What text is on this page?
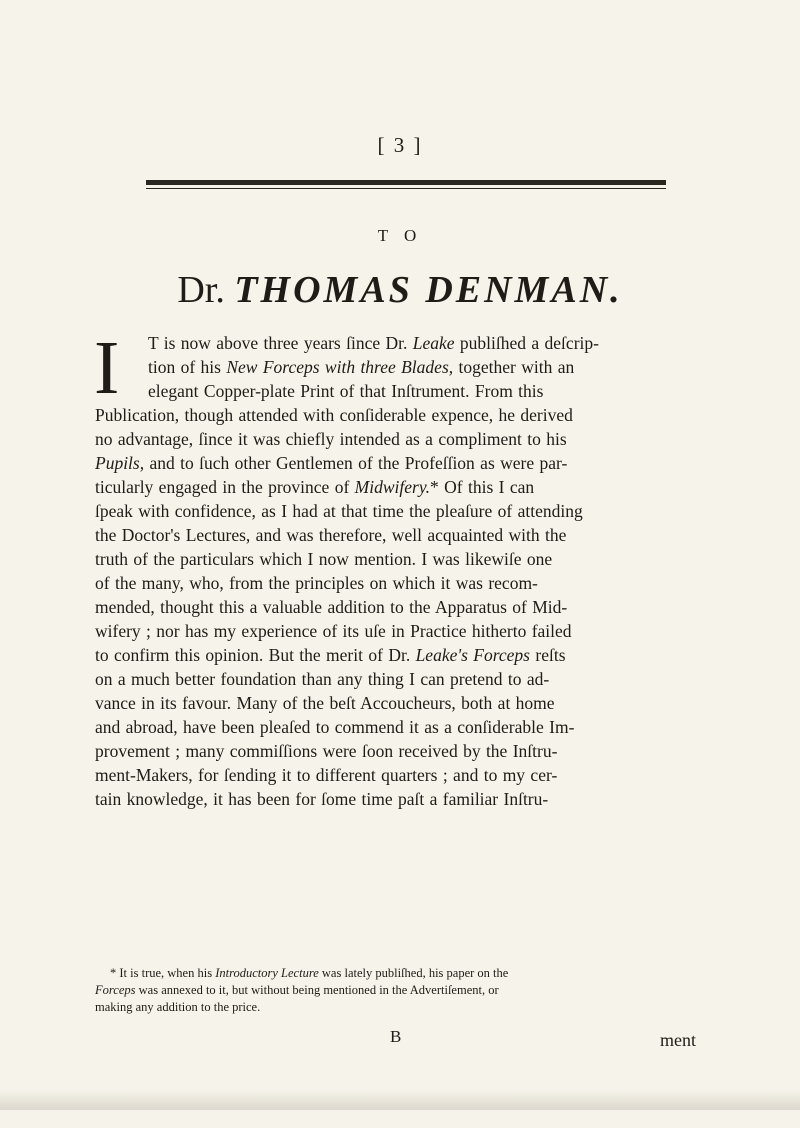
[ 3 ]
T O
Dr. THOMAS DENMAN.
I T is now above three years ſince Dr. Leake publiſhed a deſcrip-
tion of his New Forceps with three Blades, together with an
elegant Copper-plate Print of that Inſtrument. From this
Publication, though attended with conſiderable expence, he derived
no advantage, ſince it was chiefly intended as a compliment to his
Pupils, and to ſuch other Gentlemen of the Profeſſion as were par-
ticularly engaged in the province of Midwifery.* Of this I can
ſpeak with confidence, as I had at that time the pleaſure of attending
the Doctor's Lectures, and was therefore, well acquainted with the
truth of the particulars which I now mention. I was likewiſe one
of the many, who, from the principles on which it was recom-
mended, thought this a valuable addition to the Apparatus of Mid-
wifery ; nor has my experience of its uſe in Practice hitherto failed
to confirm this opinion. But the merit of Dr. Leake's Forceps reſts
on a much better foundation than any thing I can pretend to ad-
vance in its favour. Many of the beſt Accoucheurs, both at home
and abroad, have been pleaſed to commend it as a conſiderable Im-
provement ; many commiſſions were ſoon received by the Inſtru-
ment-Makers, for ſending it to different quarters ; and to my cer-
tain knowledge, it has been for ſome time paſt a familiar Inſtru-
* It is true, when his Introductory Lecture was lately publiſhed, his paper on the
Forceps was annexed to it, but without being mentioned in the Advertiſement, or
making any addition to the price.
B	ment
